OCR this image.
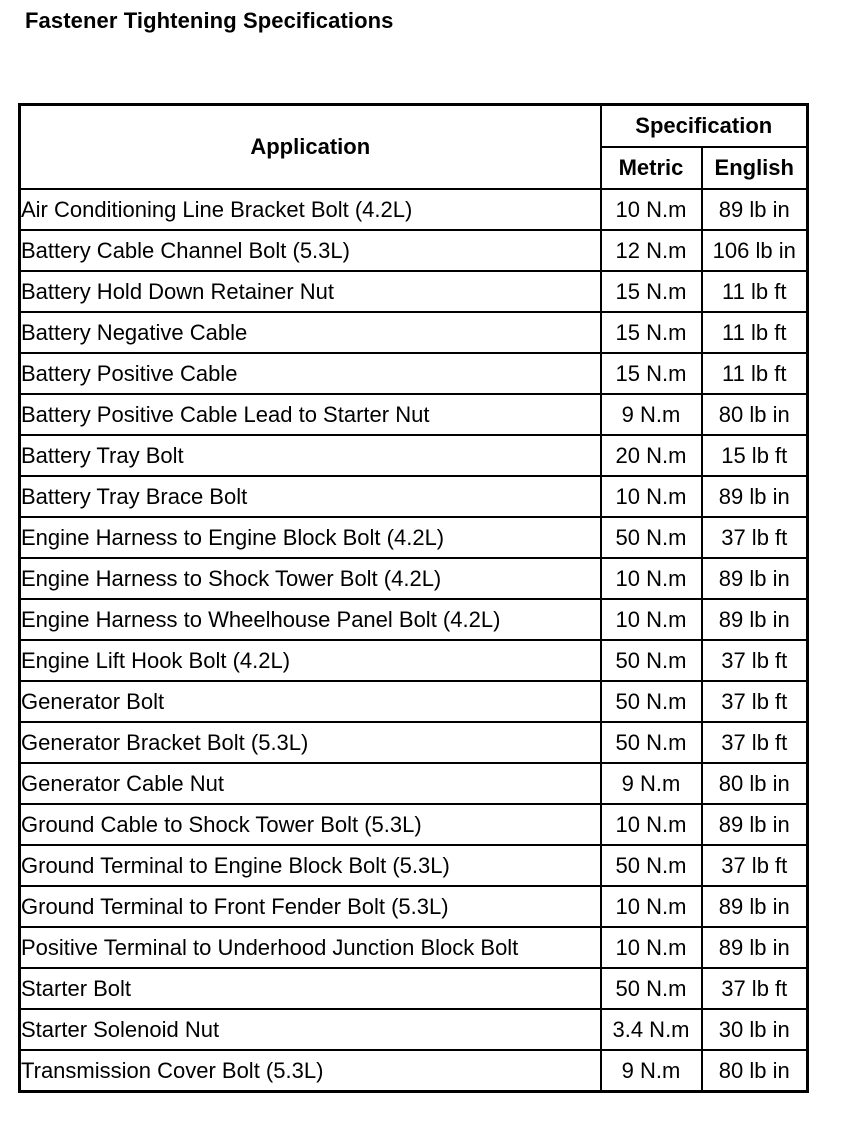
Fastener Tightening Specifications
Application	Specification	
	Metric	English
Air Conditioning Line Bracket Bolt (4.2L)	10 N.m	89 lb in
Battery Cable Channel Bolt (5.3L)	12 N.m	106 lb in
Battery Hold Down Retainer Nut	15 N.m	11 lb ft
Battery Negative Cable	15 N.m	11 lb ft
Battery Positive Cable	15 N.m	11 lb ft
Battery Positive Cable Lead to Starter Nut	9 N.m	80 lb in
Battery Tray Bolt	20 N.m	15 lb ft
Battery Tray Brace Bolt	10 N.m	89 lb in
Engine Harness to Engine Block Bolt (4.2L)	50 N.m	37 lb ft
Engine Harness to Shock Tower Bolt (4.2L)	10 N.m	89 lb in
Engine Harness to Wheelhouse Panel Bolt (4.2L)	10 N.m	89 lb in
Engine Lift Hook Bolt (4.2L)	50 N.m	37 lb ft
Generator Bolt	50 N.m	37 lb ft
Generator Bracket Bolt (5.3L)	50 N.m	37 lb ft
Generator Cable Nut	9 N.m	80 lb in
Ground Cable to Shock Tower Bolt (5.3L)	10 N.m	89 lb in
Ground Terminal to Engine Block Bolt (5.3L)	50 N.m	37 lb ft
Ground Terminal to Front Fender Bolt (5.3L)	10 N.m	89 lb in
Positive Terminal to Underhood Junction Block Bolt	10 N.m	89 lb in
Starter Bolt	50 N.m	37 lb ft
Starter Solenoid Nut	3.4 N.m	30 lb in
Transmission Cover Bolt (5.3L)	9 N.m	80 lb in
